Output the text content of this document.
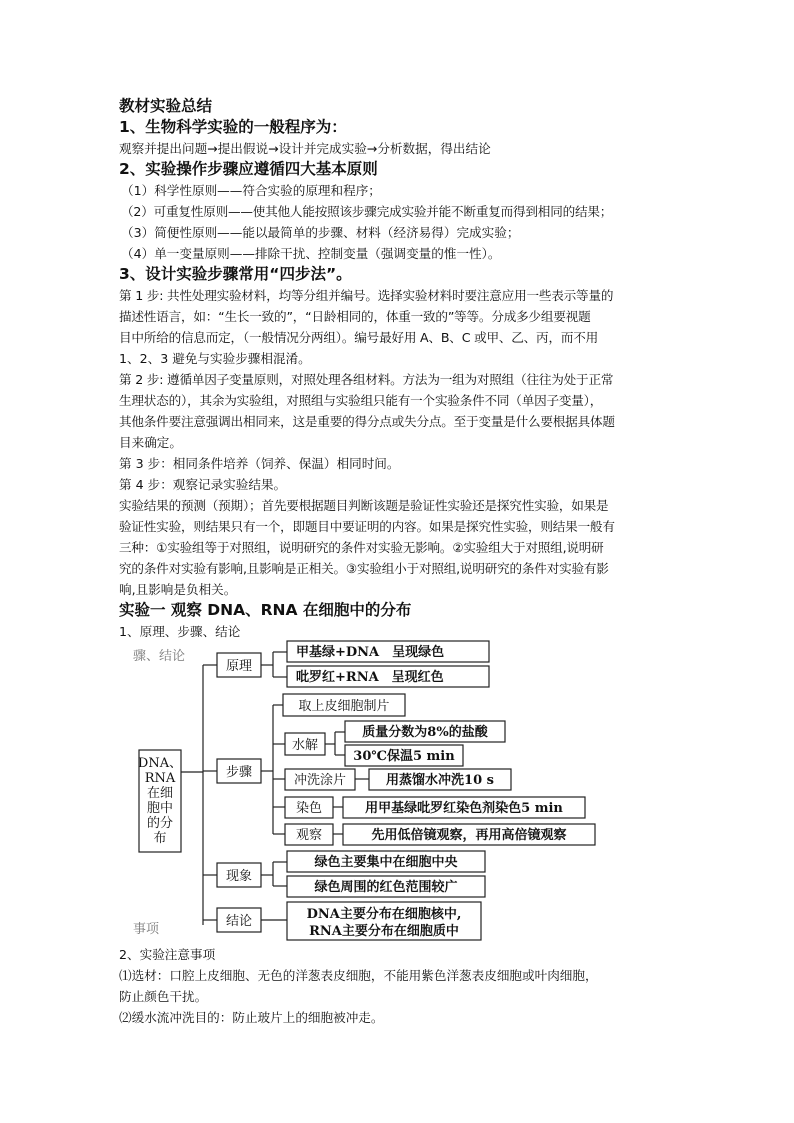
教材实验总结

1、生物科学实验的一般程序为：

观察并提出问题→提出假说→设计并完成实验→分析数据，得出结论

2、实验操作步骤应遵循四大基本原则

（1）科学性原则——符合实验的原理和程序；

（2）可重复性原则——使其他人能按照该步骤完成实验并能不断重复而得到相同的结果；

（3）简便性原则——能以最简单的步骤、材料（经济易得）完成实验；

（4）单一变量原则——排除干扰、控制变量（强调变量的惟一性）。

3、设计实验步骤常用“四步法”。

第 1 步: 共性处理实验材料，均等分组并编号。选择实验材料时要注意应用一些表示等量的

描述性语言，如：“生长一致的”，“日龄相同的，体重一致的”等等。分成多少组要视题

目中所给的信息而定，（一般情况分两组）。编号最好用 A、B、C 或甲、乙、丙，而不用

1、2、3 避免与实验步骤相混淆。

第 2 步: 遵循单因子变量原则，对照处理各组材料。方法为一组为对照组（往往为处于正常

生理状态的），其余为实验组，对照组与实验组只能有一个实验条件不同（单因子变量），

其他条件要注意强调出相同来，这是重要的得分点或失分点。至于变量是什么要根据具体题

目来确定。

第 3 步：相同条件培养（饲养、保温）相同时间。

第 4 步：观察记录实验结果。

实验结果的预测（预期）；首先要根据题目判断该题是验证性实验还是探究性实验，如果是

验证性实验，则结果只有一个，即题目中要证明的内容。如果是探究性实验，则结果一般有

三种：①实验组等于对照组，说明研究的条件对实验无影响。②实验组大于对照组,说明研

究的条件对实验有影响,且影响是正相关。③实验组小于对照组,说明研究的条件对实验有影

响,且影响是负相关。

实验一 观察 DNA、RNA 在细胞中的分布

1、原理、步骤、结论

骤、结论
事项
DNA、
RNA
在细
胞中
的分
布
原理
甲基绿+DNA　呈现绿色
吡罗红+RNA　呈现红色
步骤
取上皮细胞制片
水解
质量分数为8%的盐酸
30℃保温5 min
冲洗涂片	用蒸馏水冲洗10 s
染色	用甲基绿吡罗红染色剂染色5 min
观察	先用低倍镜观察，再用高倍镜观察
现象
绿色主要集中在细胞中央
绿色周围的红色范围较广
结论	DNA主要分布在细胞核中,
RNA主要分布在细胞质中

2、实验注意事项

⑴选材：口腔上皮细胞、无色的洋葱表皮细胞，不能用紫色洋葱表皮细胞或叶肉细胞，

防止颜色干扰。

⑵缓水流冲洗目的：防止玻片上的细胞被冲走。
